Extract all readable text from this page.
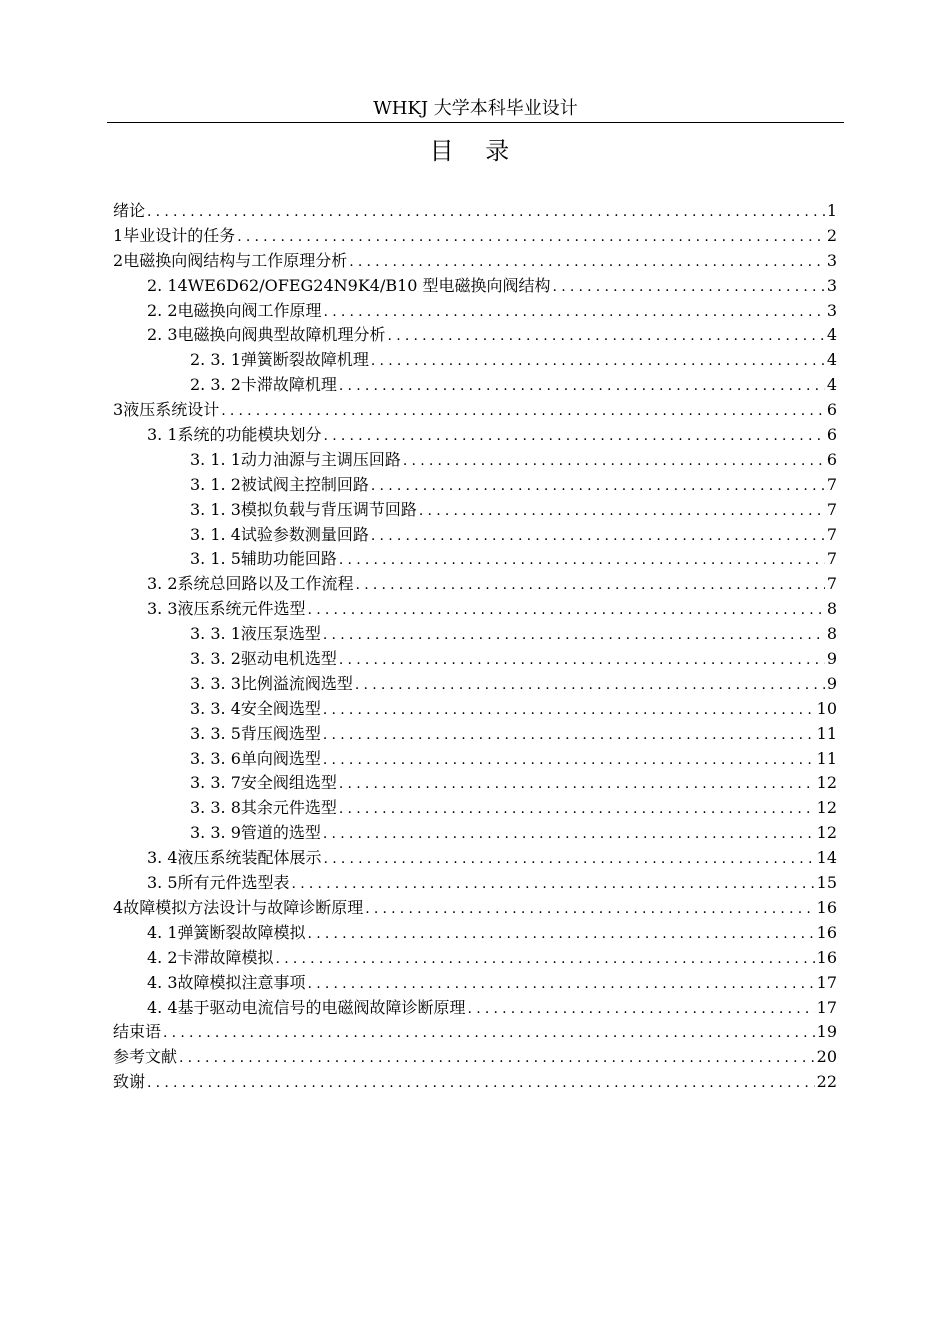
WHKJ 大学本科毕业设计
目 录
绪论 .....	1
1 毕业设计的任务 .....	2
2 电磁换向阀结构与工作原理分析 .....	3
2. 1 4WE6D62/OFEG24N9K4/B10 型电磁换向阀结构 .....	3
2. 2 电磁换向阀工作原理 .....	3
2. 3 电磁换向阀典型故障机理分析 .....	4
2. 3. 1 弹簧断裂故障机理 .....	4
2. 3. 2 卡滞故障机理 .....	4
3 液压系统设计 .....	6
3. 1 系统的功能模块划分 .....	6
3. 1. 1 动力油源与主调压回路 .....	6
3. 1. 2 被试阀主控制回路 .....	7
3. 1. 3 模拟负载与背压调节回路 .....	7
3. 1. 4 试验参数测量回路 .....	7
3. 1. 5 辅助功能回路 .....	7
3. 2 系统总回路以及工作流程 .....	7
3. 3 液压系统元件选型 .....	8
3. 3. 1 液压泵选型 .....	8
3. 3. 2 驱动电机选型 .....	9
3. 3. 3 比例溢流阀选型 .....	9
3. 3. 4 安全阀选型 .....	10
3. 3. 5 背压阀选型 .....	11
3. 3. 6 单向阀选型 .....	11
3. 3. 7 安全阀组选型 .....	12
3. 3. 8 其余元件选型 .....	12
3. 3. 9 管道的选型 .....	12
3. 4 液压系统装配体展示 .....	14
3. 5 所有元件选型表 .....	15
4 故障模拟方法设计与故障诊断原理 .....	16
4. 1 弹簧断裂故障模拟 .....	16
4. 2 卡滞故障模拟 .....	16
4. 3 故障模拟注意事项 .....	17
4. 4 基于驱动电流信号的电磁阀故障诊断原理 .....	17
结束语 .....	19
参考文献 .....	20
致谢 .....	22
